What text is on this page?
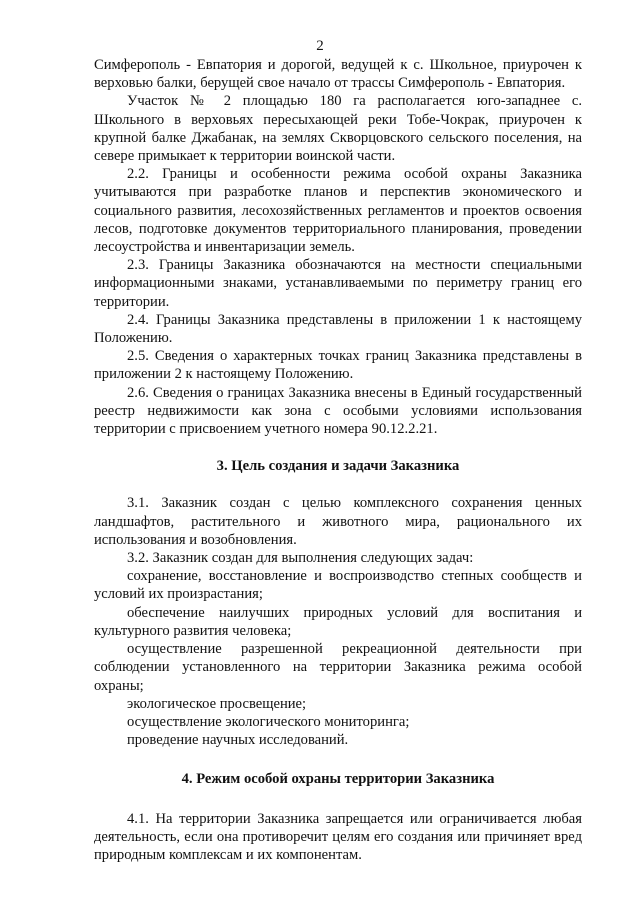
2

Симферополь - Евпатория и дорогой, ведущей к с. Школьное, приурочен к верховью балки, берущей свое начало от трассы Симферополь - Евпатория.

Участок № 2 площадью 180 га располагается юго-западнее с. Школьного в верховьях пересыхающей реки Тобе-Чокрак, приурочен к крупной балке Джабанак, на землях Скворцовского сельского поселения, на севере примыкает к территории воинской части.

2.2. Границы и особенности режима особой охраны Заказника учитываются при разработке планов и перспектив экономического и социального развития, лесохозяйственных регламентов и проектов освоения лесов, подготовке документов территориального планирования, проведении лесоустройства и инвентаризации земель.

2.3. Границы Заказника обозначаются на местности специальными информационными знаками, устанавливаемыми по периметру границ его территории.

2.4. Границы Заказника представлены в приложении 1 к настоящему Положению.

2.5. Сведения о характерных точках границ Заказника представлены в приложении 2 к настоящему Положению.

2.6. Сведения о границах Заказника внесены в Единый государственный реестр недвижимости как зона с особыми условиями использования территории с присвоением учетного номера 90.12.2.21.

3. Цель создания и задачи Заказника

3.1. Заказник создан с целью комплексного сохранения ценных ландшафтов, растительного и животного мира, рационального их использования и возобновления.

3.2. Заказник создан для выполнения следующих задач:

сохранение, восстановление и воспроизводство степных сообществ и условий их произрастания;

обеспечение наилучших природных условий для воспитания и культурного развития человека;

осуществление разрешенной рекреационной деятельности при соблюдении установленного на территории Заказника режима особой охраны;

экологическое просвещение;

осуществление экологического мониторинга;

проведение научных исследований.

4. Режим особой охраны территории Заказника

4.1. На территории Заказника запрещается или ограничивается любая деятельность, если она противоречит целям его создания или причиняет вред природным комплексам и их компонентам.
